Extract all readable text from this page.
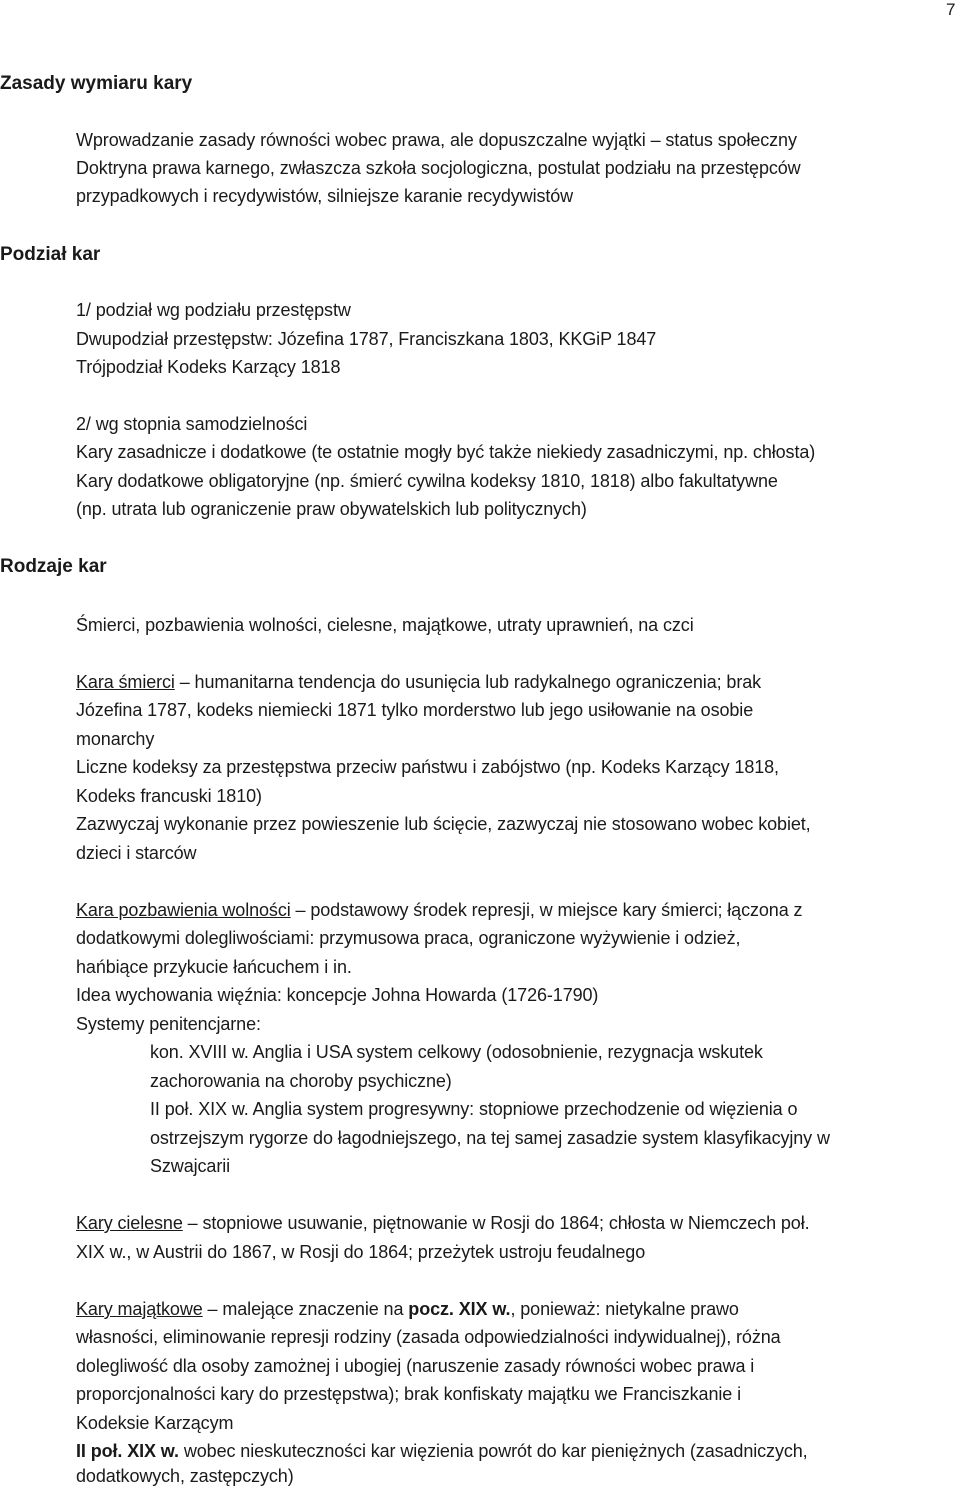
7
Zasady wymiaru kary
Wprowadzanie zasady równości wobec prawa, ale dopuszczalne wyjątki – status społeczny
Doktryna prawa karnego, zwłaszcza szkoła socjologiczna, postulat podziału na przestępców
przypadkowych i recydywistów, silniejsze karanie recydywistów
Podział kar
1/ podział wg podziału przestępstw
Dwupodział przestępstw: Józefina 1787, Franciszkana 1803, KKGiP 1847
Trójpodział Kodeks Karzący 1818
2/ wg stopnia samodzielności
Kary zasadnicze i dodatkowe (te ostatnie mogły być także niekiedy zasadniczymi, np. chłosta)
Kary dodatkowe obligatoryjne (np. śmierć cywilna kodeksy 1810, 1818) albo fakultatywne
(np. utrata lub ograniczenie praw obywatelskich lub politycznych)
Rodzaje kar
Śmierci, pozbawienia wolności, cielesne, majątkowe, utraty uprawnień, na czci
Kara śmierci – humanitarna tendencja do usunięcia lub radykalnego ograniczenia; brak
Józefina 1787, kodeks niemiecki 1871 tylko morderstwo lub jego usiłowanie na osobie
monarchy
Liczne kodeksy za przestępstwa przeciw państwu i zabójstwo (np. Kodeks Karzący 1818,
Kodeks francuski 1810)
Zazwyczaj wykonanie przez powieszenie lub ścięcie, zazwyczaj nie stosowano wobec kobiet,
dzieci i starców
Kara pozbawienia wolności – podstawowy środek represji, w miejsce kary śmierci; łączona z
dodatkowymi dolegliwościami: przymusowa praca, ograniczone wyżywienie i odzież,
hańbiące przykucie łańcuchem i in.
Idea wychowania więźnia: koncepcje Johna Howarda (1726-1790)
Systemy penitencjarne:
kon. XVIII w. Anglia i USA system celkowy (odosobnienie, rezygnacja wskutek
zachorowania na choroby psychiczne)
II poł. XIX w. Anglia system progresywny: stopniowe przechodzenie od więzienia o
ostrzejszym rygorze do łagodniejszego, na tej samej zasadzie system klasyfikacyjny w
Szwajcarii
Kary cielesne – stopniowe usuwanie, piętnowanie w Rosji do 1864; chłosta w Niemczech poł.
XIX w., w Austrii do 1867, w Rosji do 1864; przeżytek ustroju feudalnego
Kary majątkowe – malejące znaczenie na pocz. XIX w., ponieważ: nietykalne prawo
własności, eliminowanie represji rodziny (zasada odpowiedzialności indywidualnej), różna
dolegliwość dla osoby zamożnej i ubogiej (naruszenie zasady równości wobec prawa i
proporcjonalności kary do przestępstwa); brak konfiskaty majątku we Franciszkanie i
Kodeksie Karzącym
II poł. XIX w. wobec nieskuteczności kar więzienia powrót do kar pieniężnych (zasadniczych,
dodatkowych, zastępczych)
